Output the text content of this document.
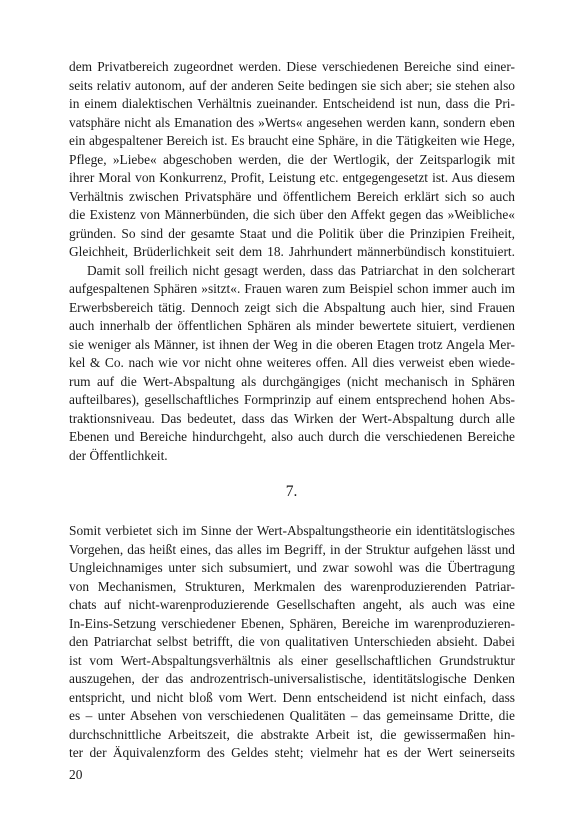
dem Privatbereich zugeordnet werden. Diese verschiedenen Bereiche sind einer-
seits relativ autonom, auf der anderen Seite bedingen sie sich aber; sie stehen also
in einem dialektischen Verhältnis zueinander. Entscheidend ist nun, dass die Pri-
vatsphäre nicht als Emanation des »Werts« angesehen werden kann, sondern eben
ein abgespaltener Bereich ist. Es braucht eine Sphäre, in die Tätigkeiten wie Hege,
Pflege, »Liebe« abgeschoben werden, die der Wertlogik, der Zeitsparlogik mit
ihrer Moral von Konkurrenz, Profit, Leistung etc. entgegengesetzt ist. Aus diesem
Verhältnis zwischen Privatsphäre und öffentlichem Bereich erklärt sich so auch
die Existenz von Männerbünden, die sich über den Affekt gegen das »Weibliche«
gründen. So sind der gesamte Staat und die Politik über die Prinzipien Freiheit,
Gleichheit, Brüderlichkeit seit dem 18. Jahrhundert männerbündisch konstituiert.
Damit soll freilich nicht gesagt werden, dass das Patriarchat in den solcherart
aufgespaltenen Sphären »sitzt«. Frauen waren zum Beispiel schon immer auch im
Erwerbsbereich tätig. Dennoch zeigt sich die Abspaltung auch hier, sind Frauen
auch innerhalb der öffentlichen Sphären als minder bewertete situiert, verdienen
sie weniger als Männer, ist ihnen der Weg in die oberen Etagen trotz Angela Mer-
kel & Co. nach wie vor nicht ohne weiteres offen. All dies verweist eben wiede-
rum auf die Wert-Abspaltung als durchgängiges (nicht mechanisch in Sphären
aufteilbares), gesellschaftliches Formprinzip auf einem entsprechend hohen Abs-
traktionsniveau. Das bedeutet, dass das Wirken der Wert-Abspaltung durch alle
Ebenen und Bereiche hindurchgeht, also auch durch die verschiedenen Bereiche
der Öffentlichkeit.
7.
Somit verbietet sich im Sinne der Wert-Abspaltungstheorie ein identitätslogisches
Vorgehen, das heißt eines, das alles im Begriff, in der Struktur aufgehen lässt und
Ungleichnamiges unter sich subsumiert, und zwar sowohl was die Übertragung
von Mechanismen, Strukturen, Merkmalen des warenproduzierenden Patriar-
chats auf nicht-warenproduzierende Gesellschaften angeht, als auch was eine
In-Eins-Setzung verschiedener Ebenen, Sphären, Bereiche im warenproduzieren-
den Patriarchat selbst betrifft, die von qualitativen Unterschieden absieht. Dabei
ist vom Wert-Abspaltungsverhältnis als einer gesellschaftlichen Grundstruktur
auszugehen, der das androzentrisch-universalistische, identitätslogische Denken
entspricht, und nicht bloß vom Wert. Denn entscheidend ist nicht einfach, dass
es – unter Absehen von verschiedenen Qualitäten – das gemeinsame Dritte, die
durchschnittliche Arbeitszeit, die abstrakte Arbeit ist, die gewissermaßen hin-
ter der Äquivalenzform des Geldes steht; vielmehr hat es der Wert seinerseits
20
